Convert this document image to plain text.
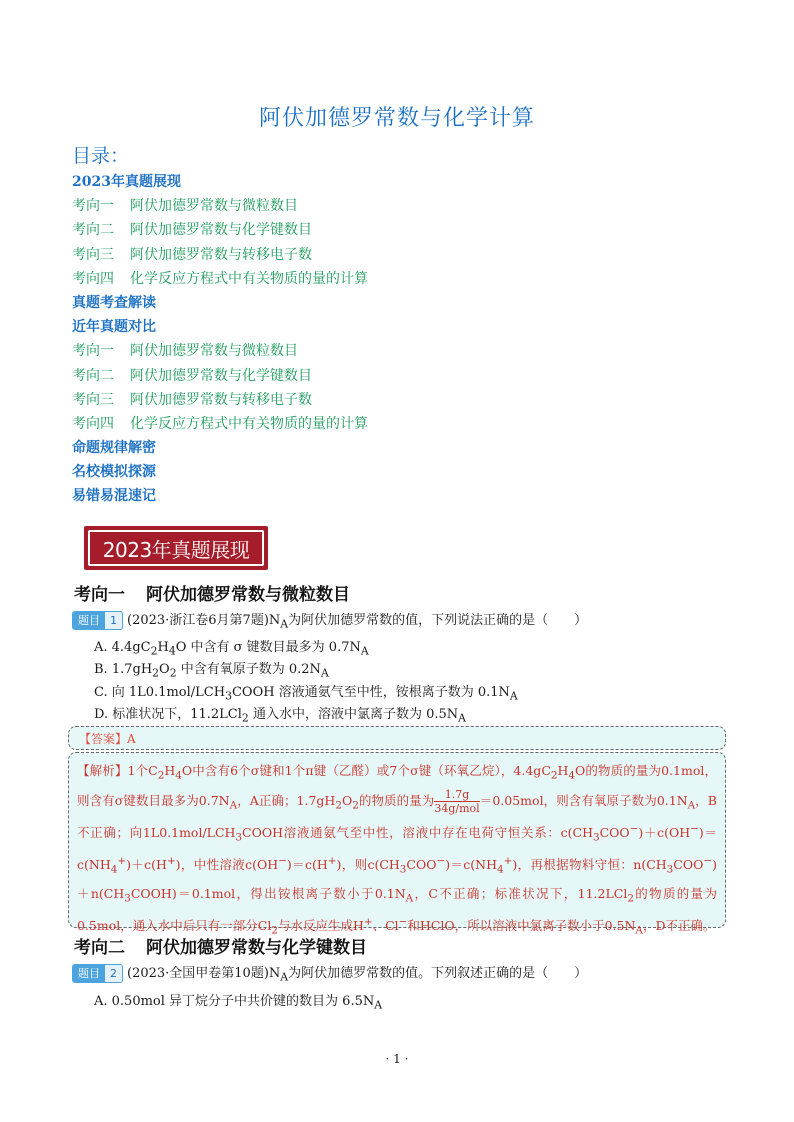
阿伏加德罗常数与化学计算
目录：
2023年真题展现
考向一 阿伏加德罗常数与微粒数目
考向二 阿伏加德罗常数与化学键数目
考向三 阿伏加德罗常数与转移电子数
考向四 化学反应方程式中有关物质的量的计算
真题考查解读
近年真题对比
考向一 阿伏加德罗常数与微粒数目
考向二 阿伏加德罗常数与化学键数目
考向三 阿伏加德罗常数与转移电子数
考向四 化学反应方程式中有关物质的量的计算
命题规律解密
名校模拟探源
易错易混速记
2023年真题展现
考向一 阿伏加德罗常数与微粒数目
题目 1 (2023·浙江卷6月第7题)$N_A$为阿伏加德罗常数的值，下列说法正确的是（　　）
A. $4.4gC_2H_4O$ 中含有 σ 键数目最多为 $0.7N_A$
B. $1.7gH_2O_2$ 中含有氧原子数为 $0.2N_A$
C. 向 $1L0.1mol/LCH_3COOH$ 溶液通氨气至中性，铵根离子数为 $0.1N_A$
D. 标准状况下，11.2LCl$_2$ 通入水中，溶液中氯离子数为 $0.5N_A$
【答案】A
【解析】1个$C_2H_4O$中含有6个σ键和1个π键（乙醛）或7个σ键（环氧乙烷），$4.4gC_2H_4O$的物质的量为0.1mol，则含有σ键数目最多为$0.7N_A$，A正确；$1.7gH_2O_2$的物质的量为 $\frac{1.7g}{\text{34g/mol}}=0.05mol$，则含有氧原子数为$0.1N_A$，B不正确；向$1L0.1mol/LCH_3COOH$溶液通氨气至中性，溶液中存在电荷守恒关系：$c(CH_3COO^-)+c(OH^-)=c(NH_4^+)+c(H^+)$，中性溶液c(OH−)＝c(H+)，则$c(CH_3COO^-)=c(NH_4^+)$，再根据物料守恒：$n(CH_3COO^-)+n(CH_3COOH)=0.1mol$，得出铵根离子数小于$0.1N_A$，C不正确；标准状况下，11.2LCl$_2$的物质的量为0.5mol，通入水中后只有一部分$Cl_2$与水反应生成H+、Cl−和HClO，所以溶液中氯离子数小于$0.5N_A$，D不正确。
考向二 阿伏加德罗常数与化学键数目
题目 2 (2023·全国甲卷第10题)$N_A$为阿伏加德罗常数的值。下列叙述正确的是（　　）
A. 0.50mol 异丁烷分子中共价键的数目为 $6.5N_A$
· 1 ·
